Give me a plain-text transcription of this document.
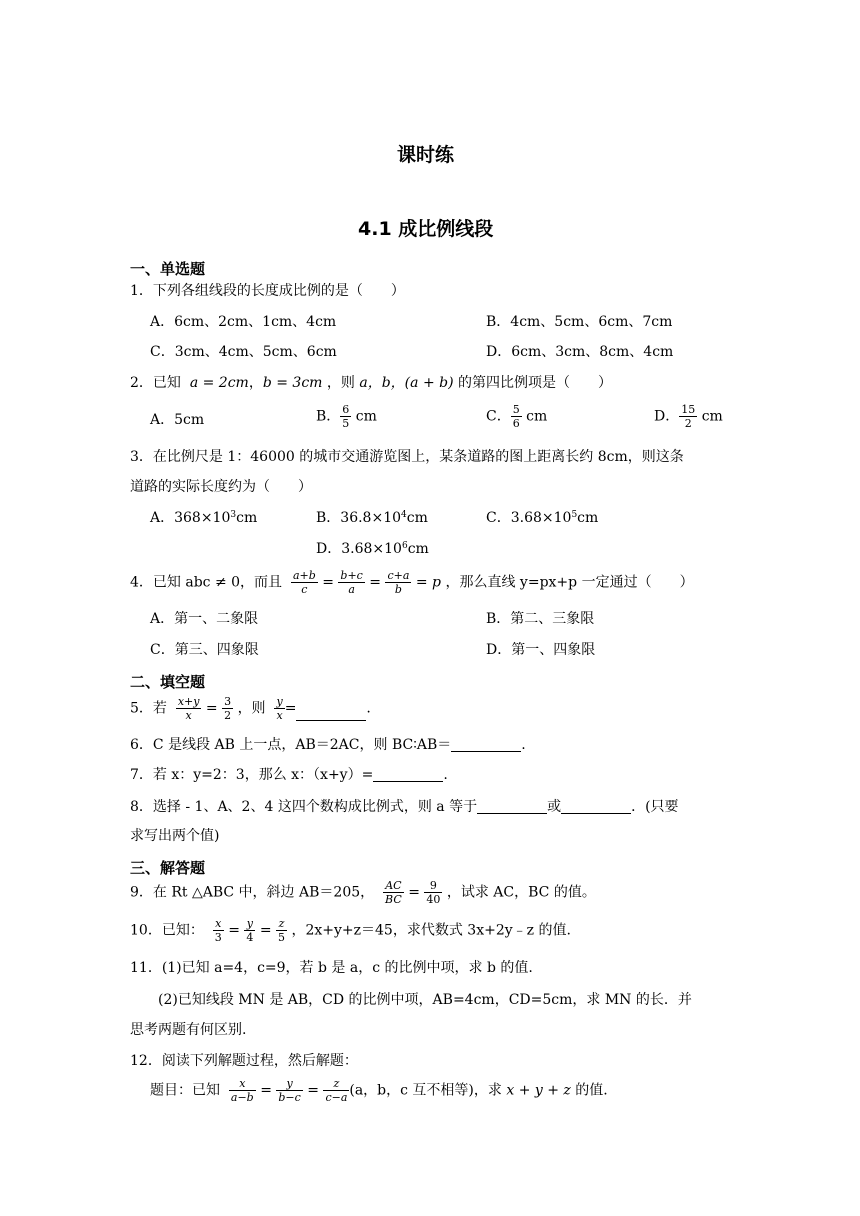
课时练
4.1 成比例线段
一、单选题
1．下列各组线段的长度成比例的是（　　）
A．6cm、2cm、1cm、4cm	B．4cm、5cm、6cm、7cm
C．3cm、4cm、5cm、6cm	D．6cm、3cm、8cm、4cm
2．已知 a = 2cm，b = 3cm ，则 a，b，(a + b) 的第四比例项是（　　）
A．5cm	B． $\frac{6}{5}$ cm	C． $\frac{5}{6}$ cm	D． $\frac{15}{2}$ cm
3．在比例尺是 1：46000 的城市交通游览图上，某条道路的图上距离长约 8cm，则这条
道路的实际长度约为（　　）
A．$368\times 10^3cm$	B．$36.8\times 10^4cm$	C．$3.68\times 10^5cm$
D．$3.68\times 10^6cm$
4．已知 abc ≠ 0，而且 $\frac{a+b}{c} = \frac{b+c}{a} = \frac{c+a}{b} = p$ ，那么直线 y=px+p 一定通过（　　）
A．第一、二象限	B．第二、三象限
C．第三、四象限	D．第一、四象限
二、填空题
5．若 $\frac{x+y}{x} = \frac{3}{2}$ ，则 $\frac{y}{x}$ =	.
6．C 是线段 AB 上一点，AB＝2AC，则 BC∶AB＝	.
7．若 x：y=2：3，那么 x：（x+y）=	.
8．选择 - 1、A、2、4 这四个数构成比例式，则 a 等于	或	．(只要
求写出两个值)
三、解答题
9．在 Rt △ABC 中，斜边 AB＝205， $\frac{AC}{BC} = \frac{9}{40}$ ，试求 AC，BC 的值。
10．已知： $\frac{x}{3} = \frac{y}{4} = \frac{z}{5}$ ，2x+y+z＝45，求代数式 3x+2y﹣z 的值.
11．(1)已知 a=4，c=9，若 b 是 a，c 的比例中项，求 b 的值.
(2)已知线段 MN 是 AB，CD 的比例中项，AB=4cm，CD=5cm，求 MN 的长．并
思考两题有何区别.
12．阅读下列解题过程，然后解题：
题目：已知 $\frac{x}{a-b} = \frac{y}{b-c} = \frac{z}{c-a} (a$，b，c 互不相等)，求 x + y + z 的值.
